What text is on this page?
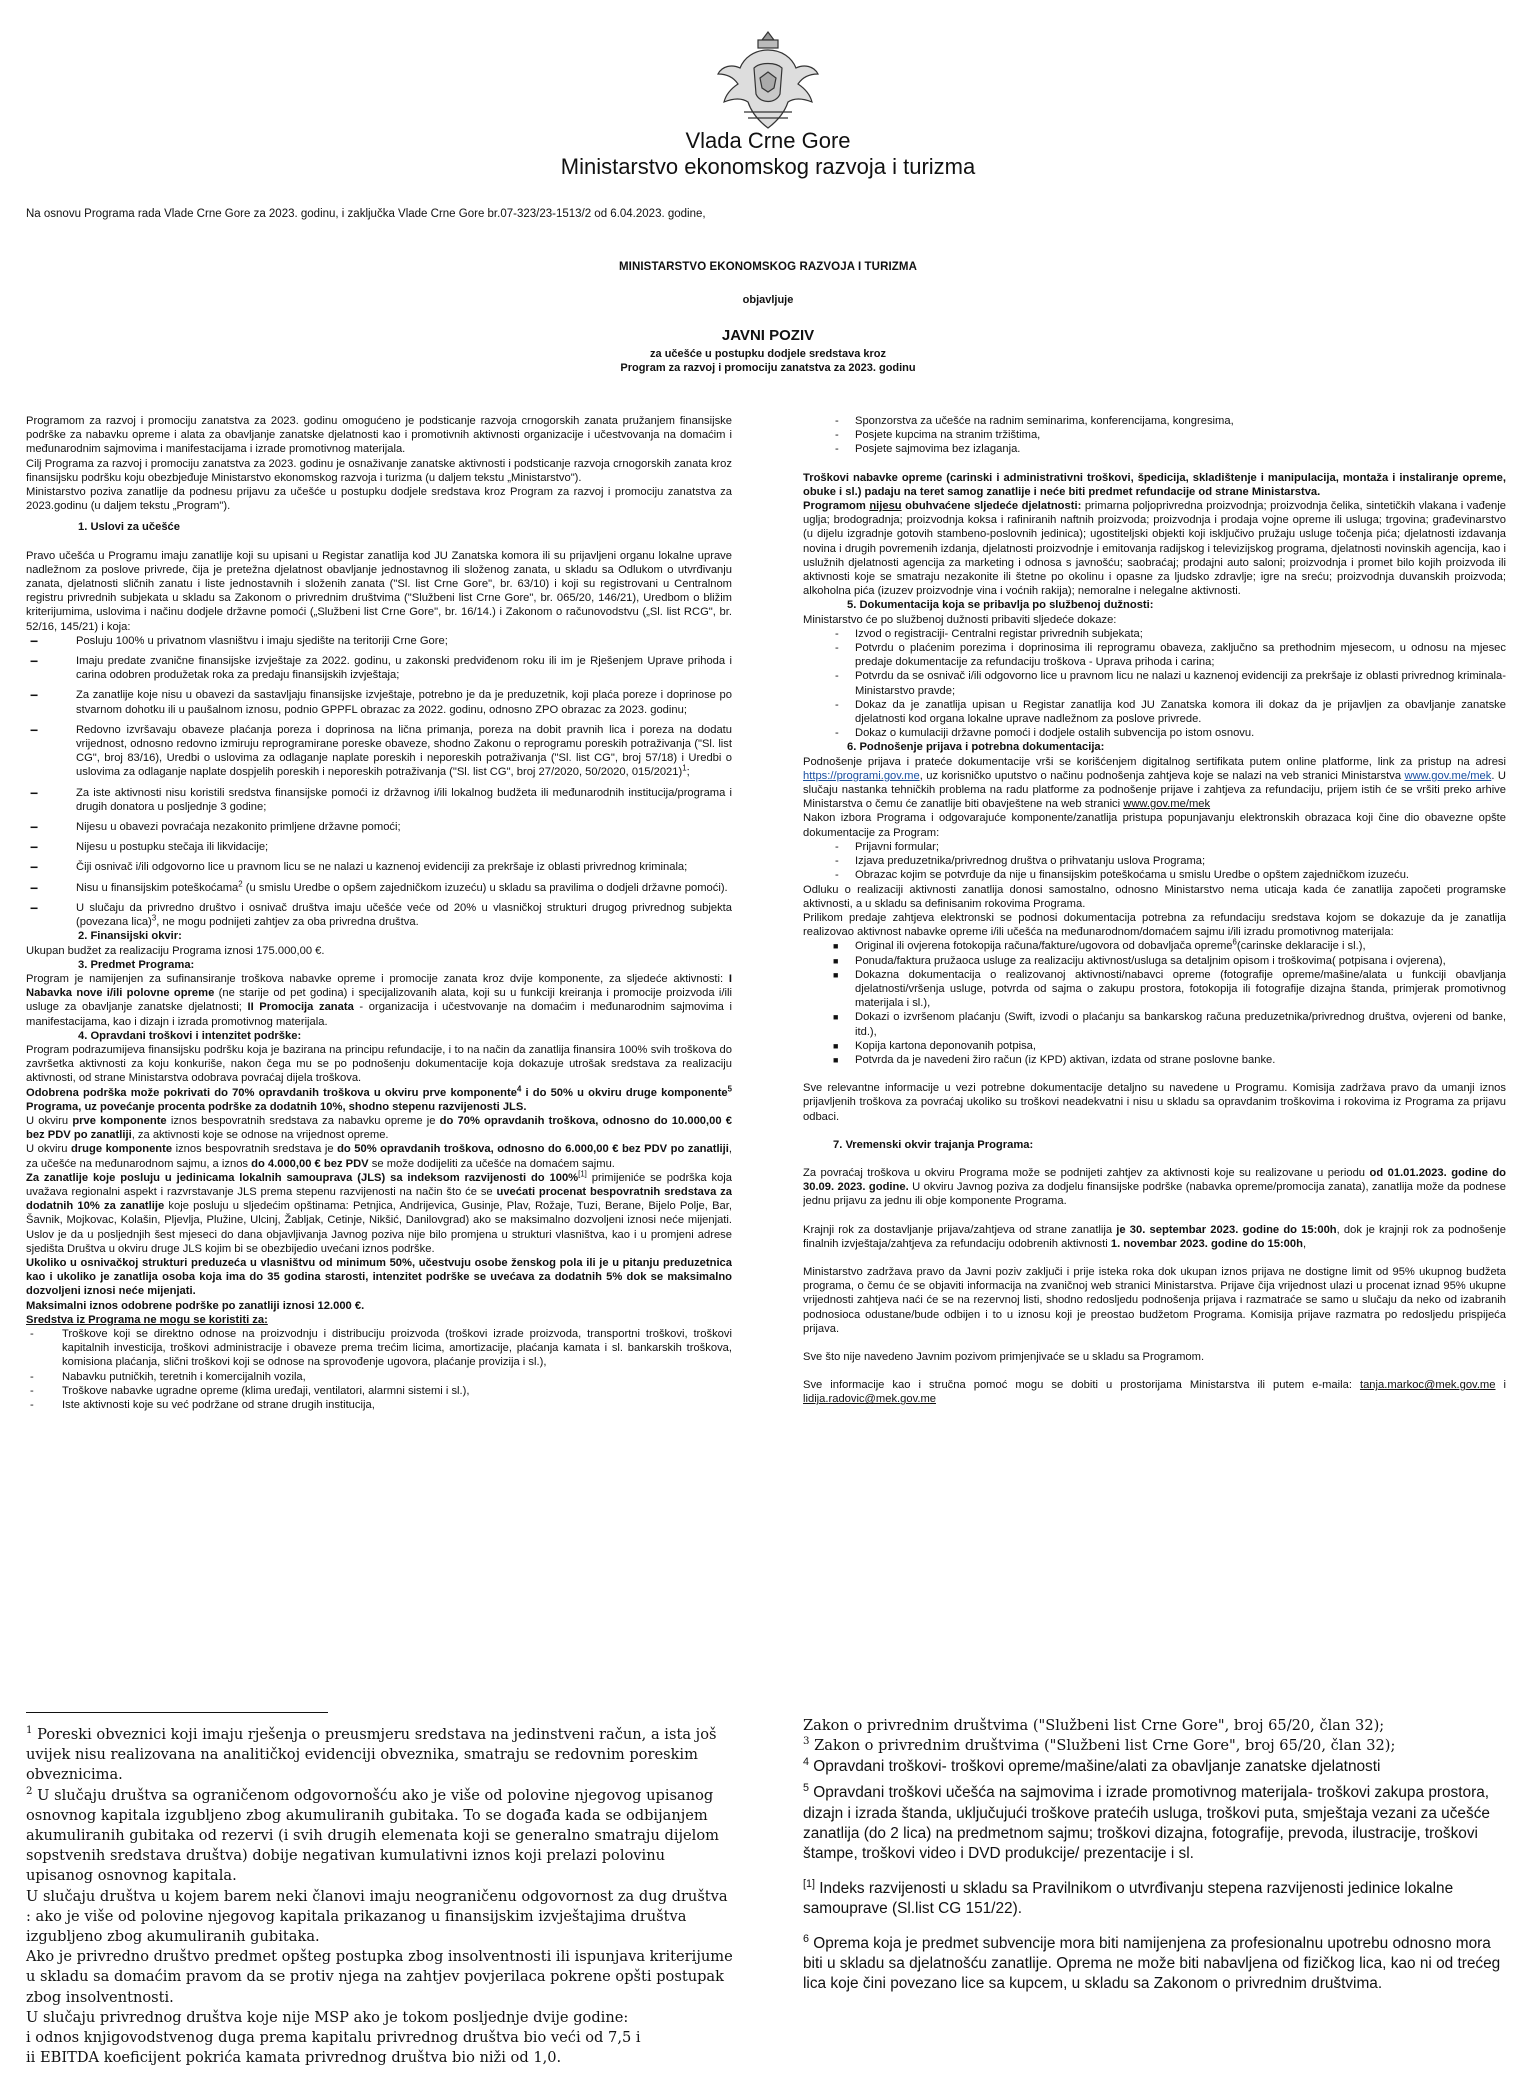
Vlada Crne Gore
Ministarstvo ekonomskog razvoja i turizma
Na osnovu Programa rada Vlade Crne Gore za 2023. godinu, i zaključka Vlade Crne Gore br.07-323/23-1513/2 od 6.04.2023. godine,
MINISTARSTVO EKONOMSKOG RAZVOJA I TURIZMA
objavljuje
JAVNI POZIV
za učešće u postupku dodjele sredstava kroz
Program za razvoj i promociju zanatstva za 2023. godinu

Programom za razvoj i promociju zanatstva za 2023. godinu omogućeno je podsticanje razvoja crnogorskih zanata pružanjem finansijske podrške za nabavku opreme i alata za obavljanje zanatske djelatnosti kao i promotivnih aktivnosti organizacije i učestvovanja na domaćim i međunarodnim sajmovima i manifestacijama i izrade promotivnog materijala.

Cilj Programa za razvoj i promociju zanatstva za 2023. godinu je osnaživanje zanatske aktivnosti i podsticanje razvoja crnogorskih zanata kroz finansijsku podršku koju obezbjeđuje Ministarstvo ekonomskog razvoja i turizma (u daljem tekstu „Ministarstvo").

Ministarstvo poziva zanatlije da podnesu prijavu za učešće u postupku dodjele sredstava kroz Program za razvoj i promociju zanatstva za 2023.godinu (u daljem tekstu „Program").

1. Uslovi za učešće

Pravo učešća u Programu imaju zanatlije koji su upisani u Registar zanatlija kod JU Zanatska komora ili su prijavljeni organu lokalne uprave nadležnom za poslove privrede, čija je pretežna djelatnost obavljanje jednostavnog ili složenog zanata, u skladu sa Odlukom o utvrđivanju zanata, djelatnosti sličnih zanatu i liste jednostavnih i složenih zanata ("Sl. list Crne Gore", br. 63/10) i koji su registrovani u Centralnom registru privrednih subjekata u skladu sa Zakonom o privrednim društvima ("Službeni list Crne Gore", br. 065/20, 146/21), Uredbom o bližim kriterijumima, uslovima i načinu dodjele državne pomoći („Službeni list Crne Gore", br. 16/14.) i Zakonom o računovodstvu („Sl. list RCG", br. 52/16, 145/21) i koja:

−	Posluju 100% u privatnom vlasništvu i imaju sjedište na teritoriji Crne Gore;
−	Imaju predate zvanične finansijske izvještaje za 2022. godinu, u zakonski predviđenom roku ili im je Rješenjem Uprave prihoda i carina odobren produžetak roka za predaju finansijskih izvještaja;
−	Za zanatlije koje nisu u obavezi da sastavljaju finansijske izvještaje, potrebno je da je preduzetnik, koji plaća poreze i doprinose po stvarnom dohotku ili u paušalnom iznosu, podnio GPPFL obrazac za 2022. godinu, odnosno ZPO obrazac za 2023. godinu;
−	Redovno izvršavaju obaveze plaćanja poreza i doprinosa na lična primanja, poreza na dobit pravnih lica i poreza na dodatu vrijednost, odnosno redovno izmiruju reprogramirane poreske obaveze, shodno Zakonu o reprogramu poreskih potraživanja ("Sl. list CG", broj 83/16), Uredbi o uslovima za odlaganje naplate poreskih i neporeskih potraživanja ("Sl. list CG", broj 57/18) i Uredbi o uslovima za odlaganje naplate dospjelih poreskih i neporeskih potraživanja ("Sl. list CG", broj 27/2020, 50/2020, 015/2021)$^1$;
−	Za iste aktivnosti nisu koristili sredstva finansijske pomoći iz državnog i/ili lokalnog budžeta ili međunarodnih institucija/programa i drugih donatora u posljednje 3 godine;
−	Nijesu u obavezi povraćaja nezakonito primljene državne pomoći;
−	Nijesu u postupku stečaja ili likvidacije;
−	Čiji osnivač i/ili odgovorno lice u pravnom licu se ne nalazi u kaznenoj evidenciji za prekršaje iz oblasti privrednog kriminala;
−	Nisu u finansijskim poteškoćama$^2$ (u smislu Uredbe o opšem zajedničkom izuzeću) u skladu sa pravilima o dodjeli državne pomoći).
−	U slučaju da privredno društvo i osnivač društva imaju učešće veće od 20% u vlasničkoj strukturi drugog privrednog subjekta (povezana lica)$^3$, ne mogu podnijeti zahtjev za oba privredna društva.

2. Finansijski okvir:

Ukupan budžet za realizaciju Programa iznosi 175.000,00 €.

3. Predmet Programa:

Program je namijenjen za sufinansiranje troškova nabavke opreme i promocije zanata kroz dvije komponente, za sljedeće aktivnosti: I Nabavka nove i/ili polovne opreme (ne starije od pet godina) i specijalizovanih alata, koji su u funkciji kreiranja i promocije proizvoda i/ili usluge za obavljanje zanatske djelatnosti; II Promocija zanata - organizacija i učestvovanje na domaćim i međunarodnim sajmovima i manifestacijama, kao i dizajn i izrada promotivnog materijala.

4. Opravdani troškovi i intenzitet podrške:

Program podrazumijeva finansijsku podršku koja je bazirana na principu refundacije, i to na način da zanatlija finansira 100% svih troškova do završetka aktivnosti za koju konkuriše, nakon čega mu se po podnošenju dokumentacije koja dokazuje utrošak sredstava za realizaciju aktivnosti, od strane Ministarstva odobrava povraćaj dijela troškova.

Odobrena podrška može pokrivati do 70% opravdanih troškova u okviru prve komponente$^4$ i do 50% u okviru druge komponente$^5$ Programa, uz povećanje procenta podrške za dodatnih 10%, shodno stepenu razvijenosti JLS.

U okviru prve komponente iznos bespovratnih sredstava za nabavku opreme je do 70% opravdanih troškova, odnosno do 10.000,00 € bez PDV po zanatliji, za aktivnosti koje se odnose na vrijednost opreme.

U okviru druge komponente iznos bespovratnih sredstava je do 50% opravdanih troškova, odnosno do 6.000,00 € bez PDV po zanatliji, za učešće na međunarodnom sajmu, a iznos do 4.000,00 € bez PDV se može dodijeliti za učešće na domaćem sajmu.

Za zanatlije koje posluju u jedinicama lokalnih samouprava (JLS) sa indeksom razvijenosti do 100%[1] primijeniće se podrška koja uvažava regionalni aspekt i razvrstavanje JLS prema stepenu razvijenosti na način što će se uvećati procenat bespovratnih sredstava za dodatnih 10% za zanatlije koje posluju u sljedećim opštinama: Petnjica, Andrijevica, Gusinje, Plav, Rožaje, Tuzi, Berane, Bijelo Polje, Bar, Šavnik, Mojkovac, Kolašin, Pljevlja, Plužine, Ulcinj, Žabljak, Cetinje, Nikšić, Danilovgrad) ako se maksimalno dozvoljeni iznosi neće mijenjati. Uslov je da u posljednjih šest mjeseci do dana objavljivanja Javnog poziva nije bilo promjena u strukturi vlasništva, kao i u promjeni adrese sjedišta Društva u okviru druge JLS kojim bi se obezbijedio uvećani iznos podrške.

Ukoliko u osnivačkoj strukturi preduzeća u vlasništvu od minimum 50%, učestvuju osobe ženskog pola ili je u pitanju preduzetnica kao i ukoliko je zanatlija osoba koja ima do 35 godina starosti, intenzitet podrške se uvećava za dodatnih 5% dok se maksimalno dozvoljeni iznosi neće mijenjati.

Maksimalni iznos odobrene podrške po zanatliji iznosi 12.000 €.

Sredstva iz Programa ne mogu se koristiti za:

-	Troškove koji se direktno odnose na proizvodnju i distribuciju proizvoda (troškovi izrade proizvoda, transportni troškovi, troškovi kapitalnih investicija, troškovi administracije i obaveze prema trećim licima, amortizacije, plaćanja kamata i sl. bankarskih troškova, komisiona plaćanja, slični troškovi koji se odnose na sprovođenje ugovora, plaćanje provizija i sl.),
-	Nabavku putničkih, teretnih i komercijalnih vozila,
-	Troškove nabavke ugradne opreme (klima uređaji, ventilatori, alarmni sistemi i sl.),
-	Iste aktivnosti koje su već podržane od strane drugih institucija,
-	Sponzorstva za učešće na radnim seminarima, konferencijama, kongresima,
-	Posjete kupcima na stranim tržištima,
-	Posjete sajmovima bez izlaganja.

Troškovi nabavke opreme (carinski i administrativni troškovi, špedicija, skladištenje i manipulacija, montaža i instaliranje opreme, obuke i sl.) padaju na teret samog zanatlije i neće biti predmet refundacije od strane Ministarstva.

Programom nijesu obuhvaćene sljedeće djelatnosti: primarna poljoprivredna proizvodnja; proizvodnja čelika, sintetičkih vlakana i vađenje uglja; brodogradnja; proizvodnja koksa i rafiniranih naftnih proizvoda; proizvodnja i prodaja vojne opreme ili usluga; trgovina; građevinarstvo (u dijelu izgradnje gotovih stambeno-poslovnih jedinica); ugostiteljski objekti koji isključivo pružaju usluge točenja pića; djelatnosti izdavanja novina i drugih povremenih izdanja, djelatnosti proizvodnje i emitovanja radijskog i televizijskog programa, djelatnosti novinskih agencija, kao i uslužnih djelatnosti agencija za marketing i odnosa s javnošću; saobraćaj; prodajni auto saloni; proizvodnja i promet bilo kojih proizvoda ili aktivnosti koje se smatraju nezakonite ili štetne po okolinu i opasne za ljudsko zdravlje; igre na sreću; proizvodnja duvanskih proizvoda; alkoholna pića (izuzev proizvodnje vina i voćnih rakija); nemoralne i nelegalne aktivnosti.

5. Dokumentacija koja se pribavlja po službenoj dužnosti:

Ministarstvo će po službenoj dužnosti pribaviti sljedeće dokaze:

-	Izvod o registraciji- Centralni registar privrednih subjekata;
-	Potvrdu o plaćenim porezima i doprinosima ili reprogramu obaveza, zaključno sa prethodnim mjesecom, u odnosu na mjesec predaje dokumentacije za refundaciju troškova - Uprava prihoda i carina;
-	Potvrdu da se osnivač i/ili odgovorno lice u pravnom licu ne nalazi u kaznenoj evidenciji za prekršaje iz oblasti privrednog kriminala- Ministarstvo pravde;
-	Dokaz da je zanatlija upisan u Registar zanatlija kod JU Zanatska komora ili dokaz da je prijavljen za obavljanje zanatske djelatnosti kod organa lokalne uprave nadležnom za poslove privrede.
-	Dokaz o kumulaciji državne pomoći i dodjele ostalih subvencija po istom osnovu.

6. Podnošenje prijava i potrebna dokumentacija:

Podnošenje prijava i prateće dokumentacije vrši se korišćenjem digitalnog sertifikata putem online platforme, link za pristup na adresi https://programi.gov.me, uz korisničko uputstvo o načinu podnošenja zahtjeva koje se nalazi na veb stranici Ministarstva www.gov.me/mek. U slučaju nastanka tehničkih problema na radu platforme za podnošenje prijave i zahtjeva za refundaciju, prijem istih će se vršiti preko arhive Ministarstva o čemu će zanatlije biti obavještene na web stranici www.gov.me/mek

Nakon izbora Programa i odgovarajuće komponente/zanatlija pristupa popunjavanju elektronskih obrazaca koji čine dio obavezne opšte dokumentacije za Program:

-	Prijavni formular;
-	Izjava preduzetnika/privrednog društva o prihvatanju uslova Programa;
-	Obrazac kojim se potvrđuje da nije u finansijskim poteškoćama u smislu Uredbe o opštem zajedničkom izuzeću.

Odluku o realizaciji aktivnosti zanatlija donosi samostalno, odnosno Ministarstvo nema uticaja kada će zanatlija započeti programske aktivnosti, a u skladu sa definisanim rokovima Programa.

Prilikom predaje zahtjeva elektronski se podnosi dokumentacija potrebna za refundaciju sredstava kojom se dokazuje da je zanatlija realizovao aktivnost nabavke opreme i/ili učešća na međunarodnom/domaćem sajmu i/ili izradu promotivnog materijala:

■	Original ili ovjerena fotokopija računa/fakture/ugovora od dobavljača opreme$^6$(carinske deklaracije i sl.),
■	Ponuda/faktura pružaoca usluge za realizaciju aktivnost/usluga sa detaljnim opisom i troškovima( potpisana i ovjerena),
■	Dokazna dokumentacija o realizovanoj aktivnosti/nabavci opreme (fotografije opreme/mašine/alata u funkciji obavljanja djelatnosti/vršenja usluge, potvrda od sajma o zakupu prostora, fotokopija ili fotografije dizajna štanda, primjerak promotivnog materijala i sl.),
■	Dokazi o izvršenom plaćanju (Swift, izvodi o plaćanju sa bankarskog računa preduzetnika/privrednog društva, ovjereni od banke, itd.),
■	Kopija kartona deponovanih potpisa,
■	Potvrda da je navedeni žiro račun (iz KPD) aktivan, izdata od strane poslovne banke.

Sve relevantne informacije u vezi potrebne dokumentacije detaljno su navedene u Programu. Komisija zadržava pravo da umanji iznos prijavljenih troškova za povraćaj ukoliko su troškovi neadekvatni i nisu u skladu sa opravdanim troškovima i rokovima iz Programa za prijavu odbaci.

7. Vremenski okvir trajanja Programa:

Za povraćaj troškova u okviru Programa može se podnijeti zahtjev za aktivnosti koje su realizovane u periodu od 01.01.2023. godine do 30.09. 2023. godine. U okviru Javnog poziva za dodjelu finansijske podrške (nabavka opreme/promocija zanata), zanatlija može da podnese jednu prijavu za jednu ili obje komponente Programa.

Krajnji rok za dostavljanje prijava/zahtjeva od strane zanatlija je 30. septembar 2023. godine do 15:00h, dok je krajnji rok za podnošenje finalnih izvještaja/zahtjeva za refundaciju odobrenih aktivnosti 1. novembar 2023. godine do 15:00h,

Ministarstvo zadržava pravo da Javni poziv zaključi i prije isteka roka dok ukupan iznos prijava ne dostigne limit od 95% ukupnog budžeta programa, o čemu će se objaviti informacija na zvaničnoj web stranici Ministarstva. Prijave čija vrijednost ulazi u procenat iznad 95% ukupne vrijednosti zahtjeva naći će se na rezervnoj listi, shodno redosljedu podnošenja prijava i razmatraće se samo u slučaju da neko od izabranih podnosioca odustane/bude odbijen i to u iznosu koji je preostao budžetom Programa. Komisija prijave razmatra po redosljedu prispijeća prijava.

Sve što nije navedeno Javnim pozivom primjenjivaće se u skladu sa Programom.

Sve informacije kao i stručna pomoć mogu se dobiti u prostorijama Ministarstva ili putem e-maila: tanja.markoc@mek.gov.me i lidija.radovic@mek.gov.me

$^1$ Poreski obveznici koji imaju rješenja o preusmjeru sredstava na jedinstveni račun, a ista još uvijek nisu realizovana na analitičkoj evidenciji obveznika, smatraju se redovnim poreskim obveznicima.

$^2$ U slučaju društva sa ograničenom odgovornošću ako je više od polovine njegovog upisanog osnovnog kapitala izgubljeno zbog akumuliranih gubitaka. To se događa kada se odbijanjem akumuliranih gubitaka od rezervi (i svih drugih elemenata koji se generalno smatraju dijelom sopstvenih sredstava društva) dobije negativan kumulativni iznos koji prelazi polovinu upisanog osnovnog kapitala.

U slučaju društva u kojem barem neki članovi imaju neograničenu odgovornost za dug društva : ako je više od polovine njegovog kapitala prikazanog u finansijskim izvještajima društva izgubljeno zbog akumuliranih gubitaka.

Ako je privredno društvo predmet opšteg postupka zbog insolventnosti ili ispunjava kriterijume u skladu sa domaćim pravom da se protiv njega na zahtjev povjerilaca pokrene opšti postupak zbog insolventnosti.

U slučaju privrednog društva koje nije MSP ako je tokom posljednje dvije godine:

i odnos knjigovodstvenog duga prema kapitalu privrednog društva bio veći od 7,5 i

ii EBITDA koeficijent pokrića kamata privrednog društva bio niži od 1,0.

Zakon o privrednim društvima ("Službeni list Crne Gore", broj 65/20, član 32);

$^3$ Zakon o privrednim društvima ("Službeni list Crne Gore", broj 65/20, član 32);

$^4$ Opravdani troškovi- troškovi opreme/mašine/alati za obavljanje zanatske djelatnosti

$^5$ Opravdani troškovi učešća na sajmovima i izrade promotivnog materijala- troškovi zakupa prostora, dizajn i izrada štanda, uključujući troškove pratećih usluga, troškovi puta, smještaja vezani za učešće zanatlija (do 2 lica) na predmetnom sajmu; troškovi dizajna, fotografije, prevoda, ilustracije, troškovi štampe, troškovi video i DVD produkcije/ prezentacije i sl.

[1] Indeks razvijenosti u skladu sa Pravilnikom o utvrđivanju stepena razvijenosti jedinice lokalne samouprave (Sl.list CG 151/22).

$^6$ Oprema koja je predmet subvencije mora biti namijenjena za profesionalnu upotrebu odnosno mora biti u skladu sa djelatnošću zanatlije. Oprema ne može biti nabavljena od fizičkog lica, kao ni od trećeg lica koje čini povezano lice sa kupcem, u skladu sa Zakonom o privrednim društvima.
